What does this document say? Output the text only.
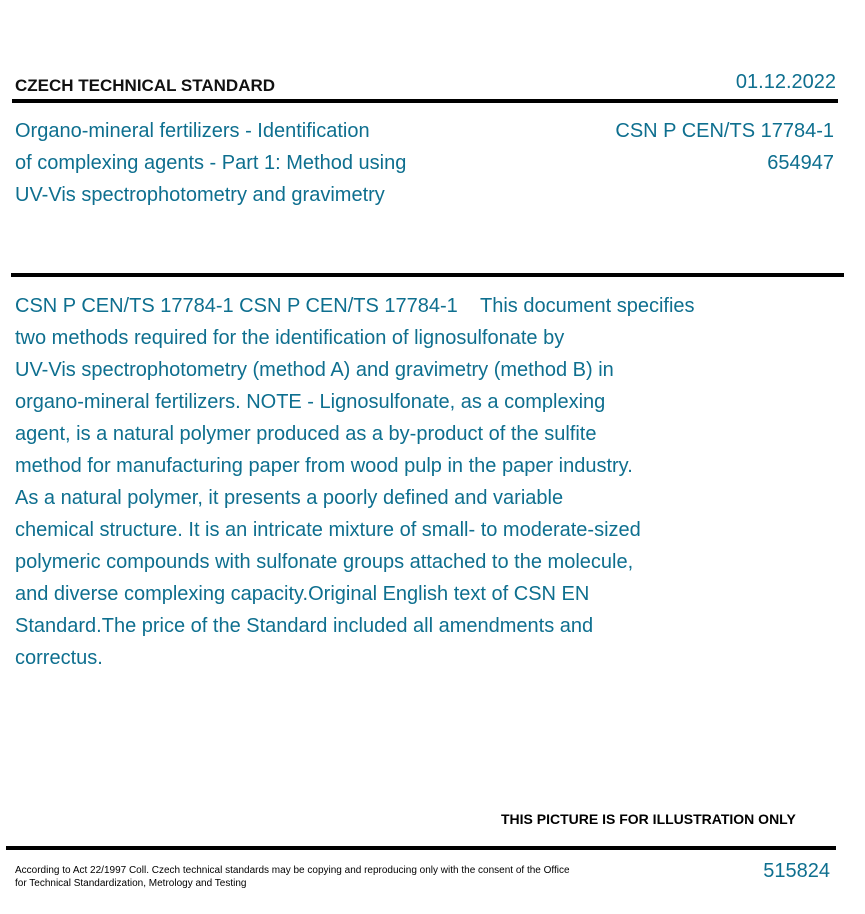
CZECH TECHNICAL STANDARD	01.12.2022
Organo-mineral fertilizers - Identification
of complexing agents - Part 1: Method using
UV-Vis spectrophotometry and gravimetry
CSN P CEN/TS 17784-1
654947
CSN P CEN/TS 17784-1 CSN P CEN/TS 17784-1    This document specifies
two methods required for the identification of lignosulfonate by
UV-Vis spectrophotometry (method A) and gravimetry (method B) in
organo-mineral fertilizers. NOTE - Lignosulfonate, as a complexing
agent, is a natural polymer produced as a by-product of the sulfite
method for manufacturing paper from wood pulp in the paper industry.
As a natural polymer, it presents a poorly defined and variable
chemical structure. It is an intricate mixture of small- to moderate-sized
polymeric compounds with sulfonate groups attached to the molecule,
and diverse complexing capacity.Original English text of CSN EN
Standard.The price of the Standard included all amendments and
correctus.
THIS PICTURE IS FOR ILLUSTRATION ONLY
According to Act 22/1997 Coll. Czech technical standards may be copying and reproducing only with the consent of the Office
for Technical Standardization, Metrology and Testing
515824
